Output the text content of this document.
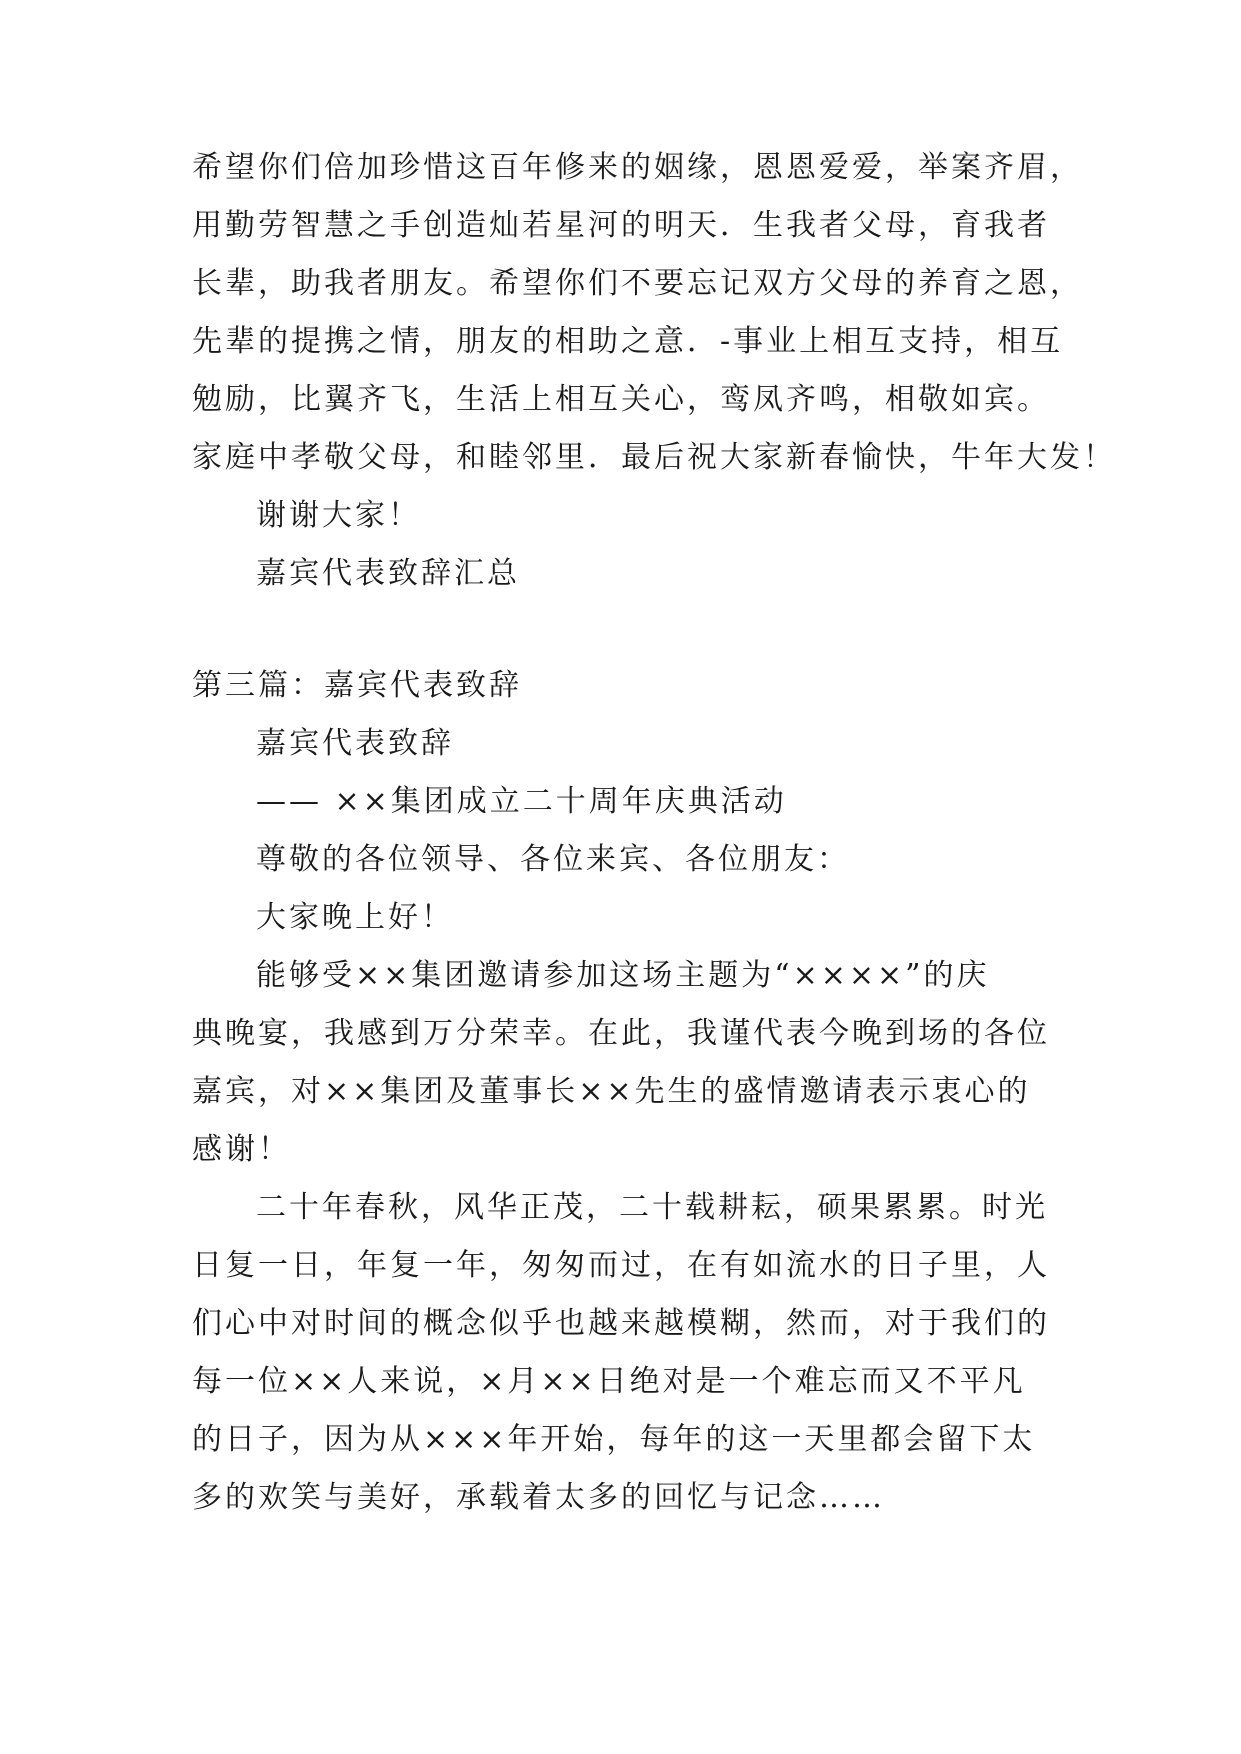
希望你们倍加珍惜这百年修来的姻缘，恩恩爱爱，举案齐眉，
用勤劳智慧之手创造灿若星河的明天．生我者父母，育我者
长辈，助我者朋友。希望你们不要忘记双方父母的养育之恩，
先辈的提携之情，朋友的相助之意．-事业上相互支持，相互
勉励，比翼齐飞，生活上相互关心，鸾凤齐鸣，相敬如宾。
家庭中孝敬父母，和睦邻里．最后祝大家新春愉快，牛年大发！
谢谢大家！
嘉宾代表致辞汇总
第三篇：嘉宾代表致辞
嘉宾代表致辞
—— ××集团成立二十周年庆典活动
尊敬的各位领导、各位来宾、各位朋友：
大家晚上好！
能够受××集团邀请参加这场主题为“××××”的庆
典晚宴，我感到万分荣幸。在此，我谨代表今晚到场的各位
嘉宾，对××集团及董事长××先生的盛情邀请表示衷心的
感谢！
二十年春秋，风华正茂，二十载耕耘，硕果累累。时光
日复一日，年复一年，匆匆而过，在有如流水的日子里，人
们心中对时间的概念似乎也越来越模糊，然而，对于我们的
每一位××人来说，×月××日绝对是一个难忘而又不平凡
的日子，因为从×××年开始，每年的这一天里都会留下太
多的欢笑与美好，承载着太多的回忆与记念……
